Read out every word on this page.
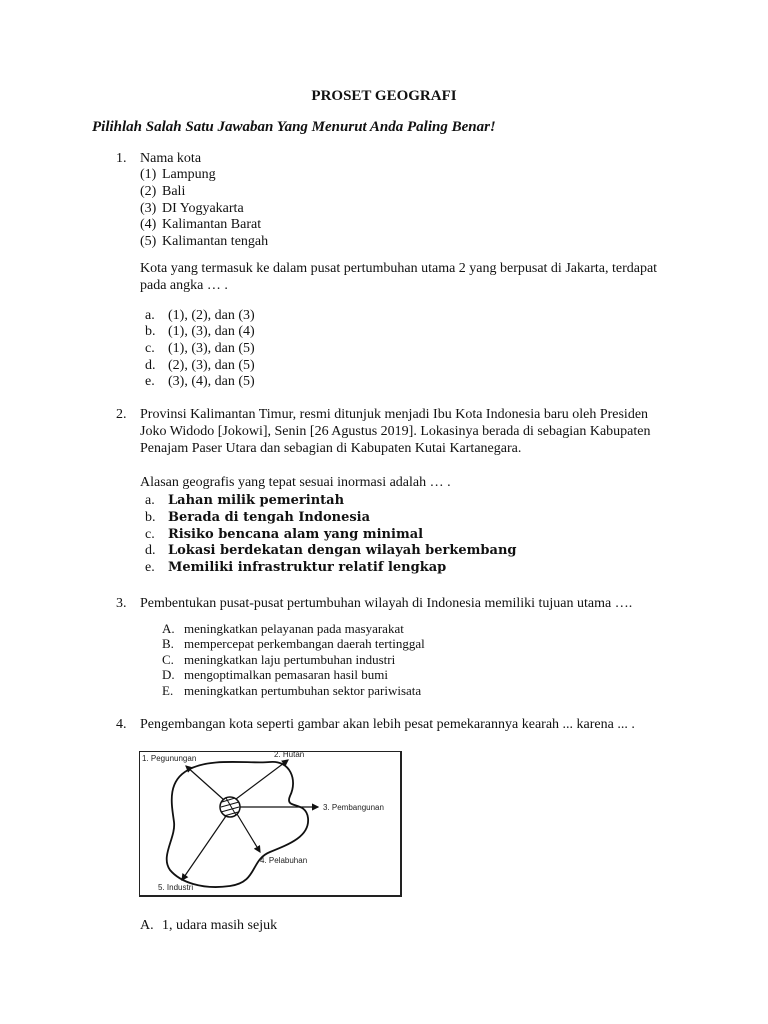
PROSET GEOGRAFI
Pilihlah Salah Satu Jawaban Yang Menurut Anda Paling Benar!
1. Nama kota
(1) Lampung
(2) Bali
(3) DI Yogyakarta
(4) Kalimantan Barat
(5) Kalimantan tengah
Kota yang termasuk ke dalam pusat pertumbuhan utama 2 yang berpusat di Jakarta, terdapat
pada angka … .
a. (1), (2), dan (3)
b. (1), (3), dan (4)
c. (1), (3), dan (5)
d. (2), (3), dan (5)
e. (3), (4), dan (5)
2. Provinsi Kalimantan Timur, resmi ditunjuk menjadi Ibu Kota Indonesia baru oleh Presiden
Joko Widodo [Jokowi], Senin [26 Agustus 2019]. Lokasinya berada di sebagian Kabupaten
Penajam Paser Utara dan sebagian di Kabupaten Kutai Kartanegara.
Alasan geografis yang tepat sesuai inormasi adalah … .
a. Lahan milik pemerintah
b. Berada di tengah Indonesia
c. Risiko bencana alam yang minimal
d. Lokasi berdekatan dengan wilayah berkembang
e. Memiliki infrastruktur relatif lengkap
3. Pembentukan pusat-pusat pertumbuhan wilayah di Indonesia memiliki tujuan utama ….
A. meningkatkan pelayanan pada masyarakat
B. mempercepat perkembangan daerah tertinggal
C. meningkatkan laju pertumbuhan industri
D. mengoptimalkan pemasaran hasil bumi
E. meningkatkan pertumbuhan sektor pariwisata
4. Pengembangan kota seperti gambar akan lebih pesat pemekarannya kearah ... karena ... .
1. Pegunungan	2. Hutan
3. Pembangunan
4. Pelabuhan
5. Industri
A. 1, udara masih sejuk
